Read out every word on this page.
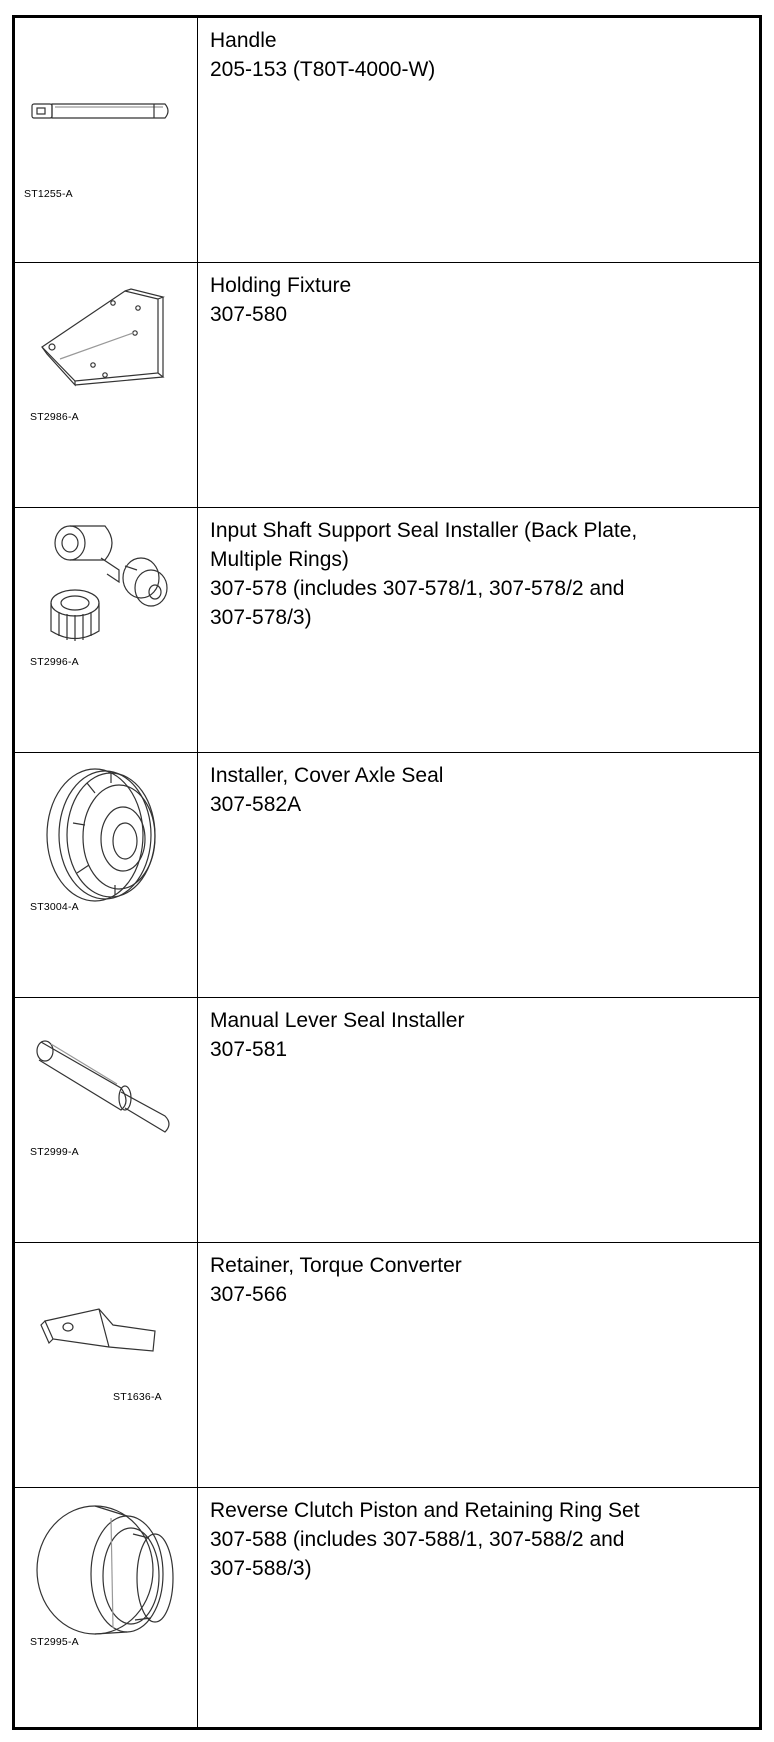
ST1255-A
Handle
205-153 (T80T-4000-W)
ST2986-A
Holding Fixture
307-580
ST2996-A
Input Shaft Support Seal Installer (Back Plate,
Multiple Rings)
307-578 (includes 307-578/1, 307-578/2 and
307-578/3)
ST3004-A
Installer, Cover Axle Seal
307-582A
ST2999-A
Manual Lever Seal Installer
307-581
ST1636-A
Retainer, Torque Converter
307-566
ST2995-A
Reverse Clutch Piston and Retaining Ring Set
307-588 (includes 307-588/1, 307-588/2 and
307-588/3)
